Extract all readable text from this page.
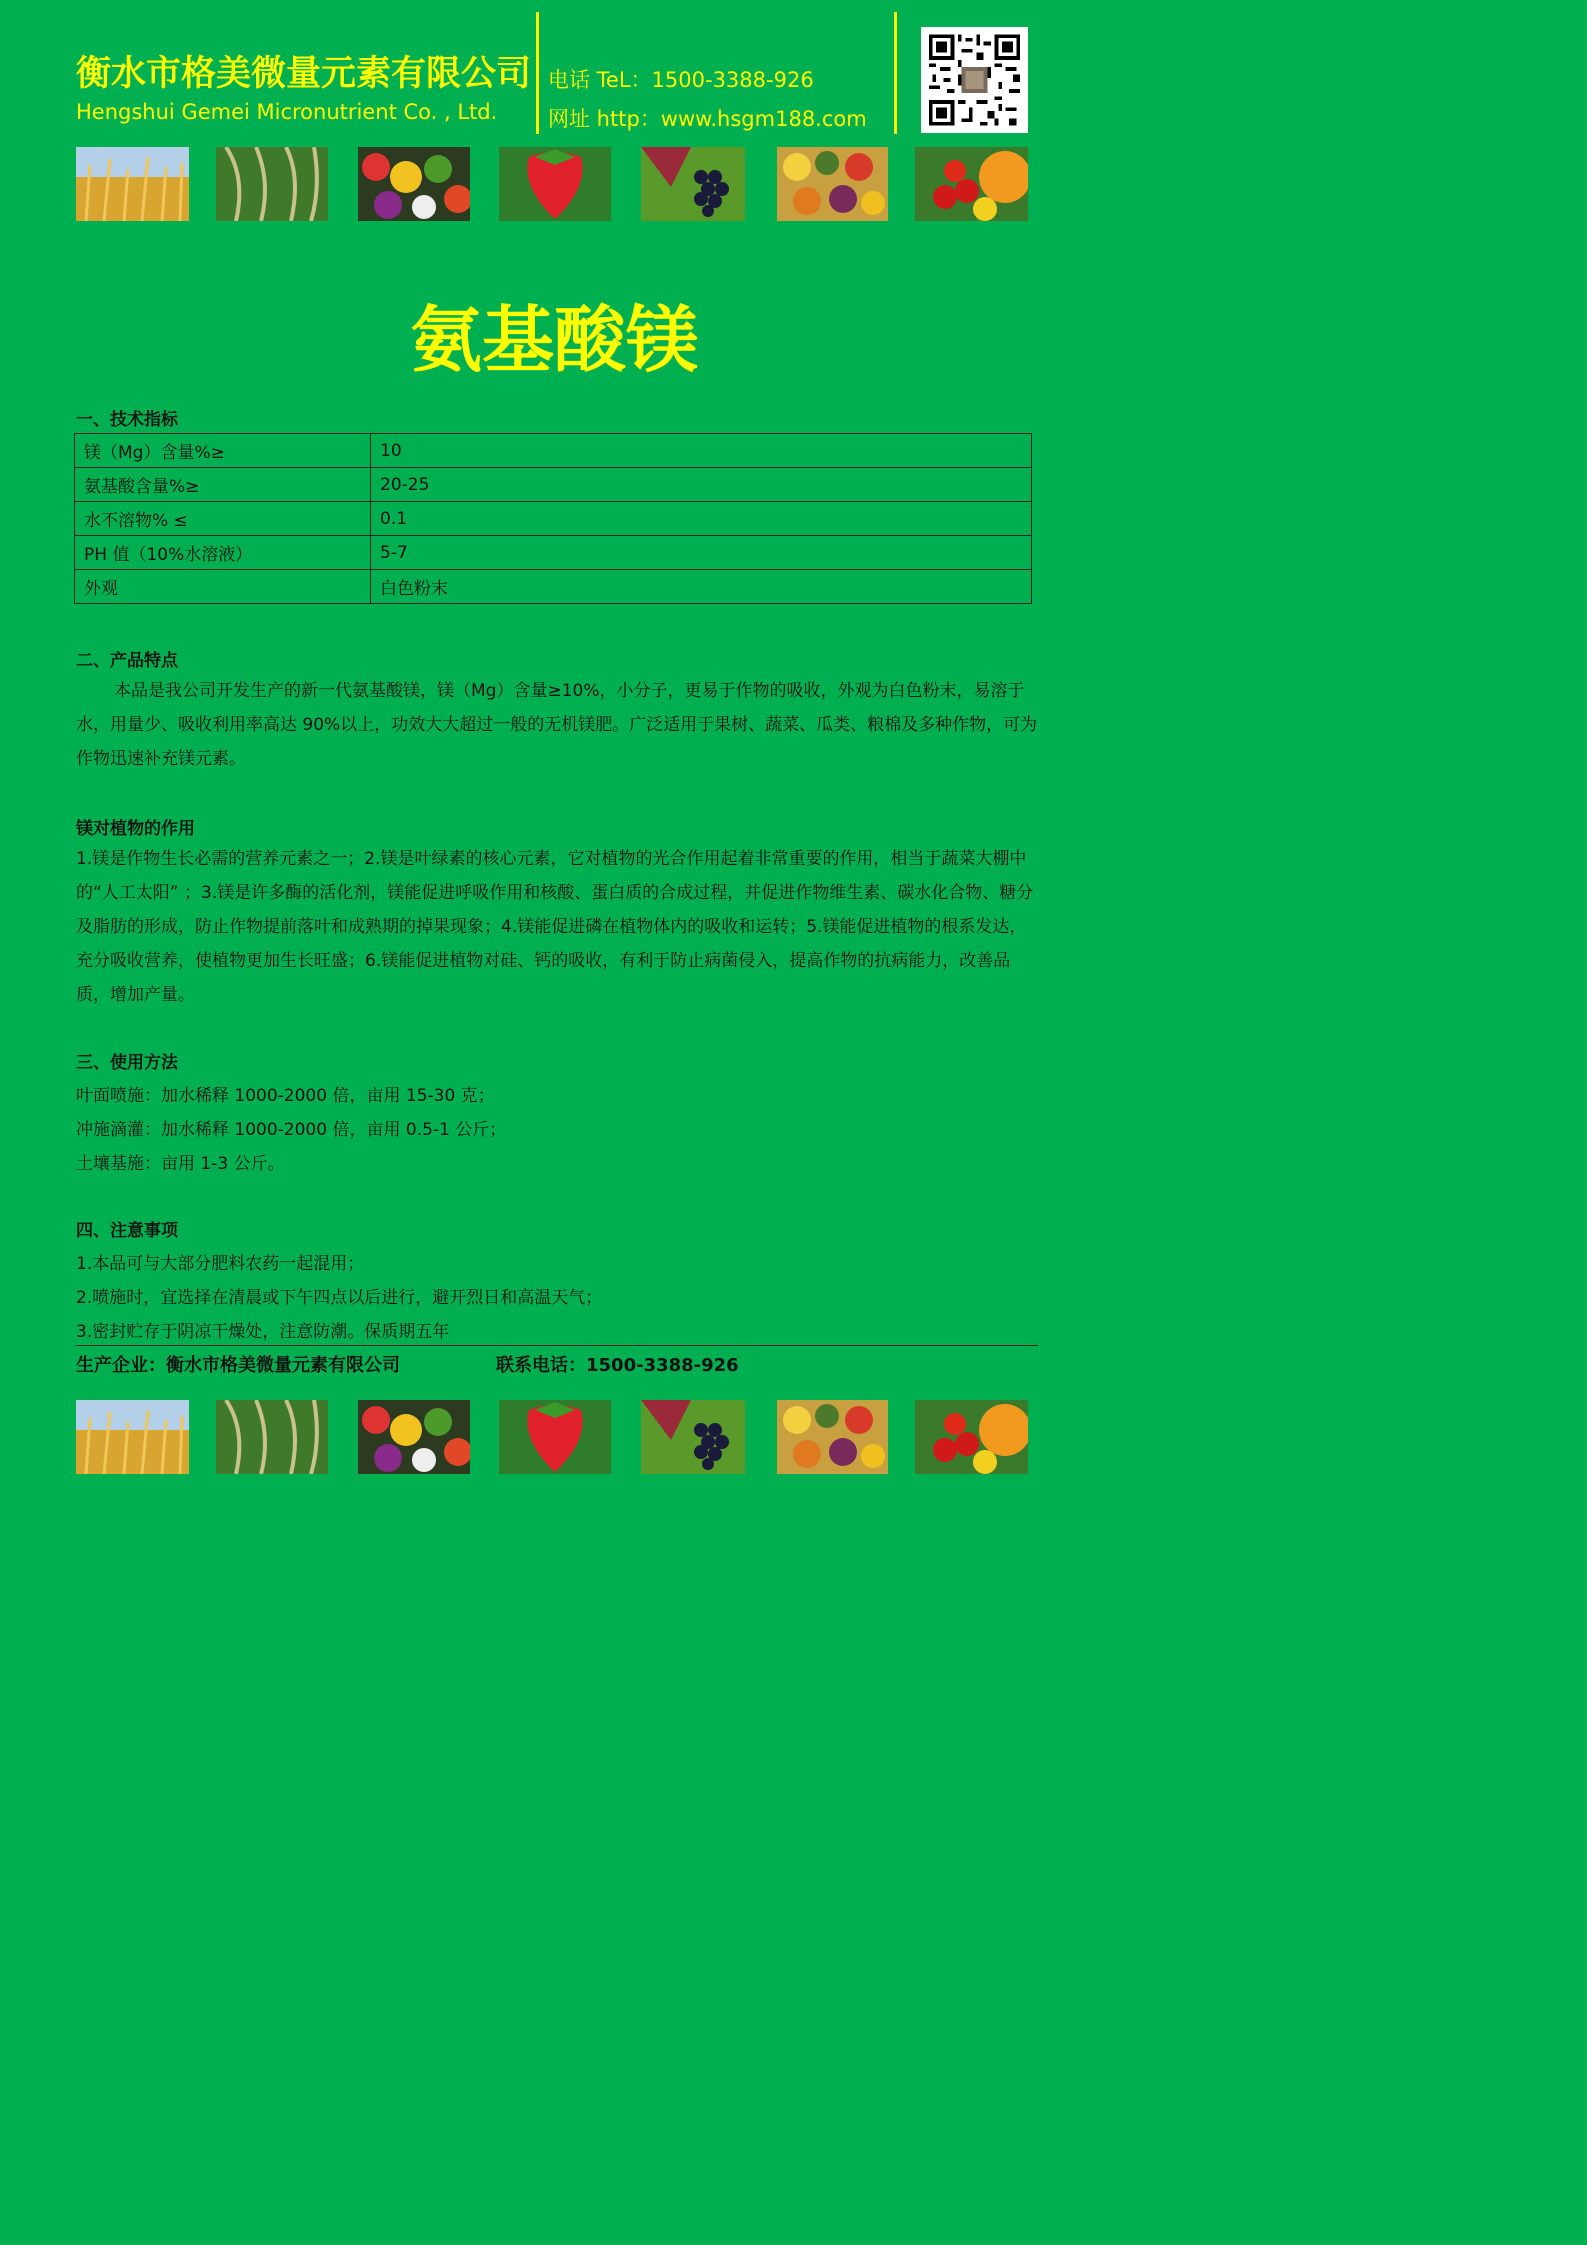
衡水市格美微量元素有限公司
Hengshui Gemei Micronutrient Co. , Ltd.
电话 TeL：1500-3388-926
网址 http：www.hsgm188.com
氨基酸镁
一、技术指标
镁（Mg）含量%≥	10
氨基酸含量%≥	20-25
水不溶物% ≤	0.1
PH 值（10%水溶液）	5-7
外观	白色粉末
二、产品特点
本品是我公司开发生产的新一代氨基酸镁，镁（Mg）含量≥10%，小分子，更易于作物的吸收，外观为白色粉末，易溶于水，用量少、吸收利用率高达 90%以上，功效大大超过一般的无机镁肥。广泛适用于果树、蔬菜、瓜类、粮棉及多种作物，可为作物迅速补充镁元素。
镁对植物的作用
1.镁是作物生长必需的营养元素之一；2.镁是叶绿素的核心元素，它对植物的光合作用起着非常重要的作用，相当于蔬菜大棚中的“人工太阳” ；3.镁是许多酶的活化剂，镁能促进呼吸作用和核酸、蛋白质的合成过程，并促进作物维生素、碳水化合物、糖分及脂肪的形成，防止作物提前落叶和成熟期的掉果现象；4.镁能促进磷在植物体内的吸收和运转；5.镁能促进植物的根系发达，充分吸收营养，使植物更加生长旺盛；6.镁能促进植物对硅、钙的吸收，有利于防止病菌侵入，提高作物的抗病能力，改善品质，增加产量。
三、使用方法
叶面喷施：加水稀释 1000-2000 倍，亩用 15-30 克；
冲施滴灌：加水稀释 1000-2000 倍，亩用 0.5-1 公斤；
土壤基施：亩用 1-3 公斤。
四、注意事项
1.本品可与大部分肥料农药一起混用；
2.喷施时，宜选择在清晨或下午四点以后进行，避开烈日和高温天气；
3.密封贮存于阴凉干燥处，注意防潮。保质期五年
生产企业：衡水市格美微量元素有限公司	联系电话：1500-3388-926
